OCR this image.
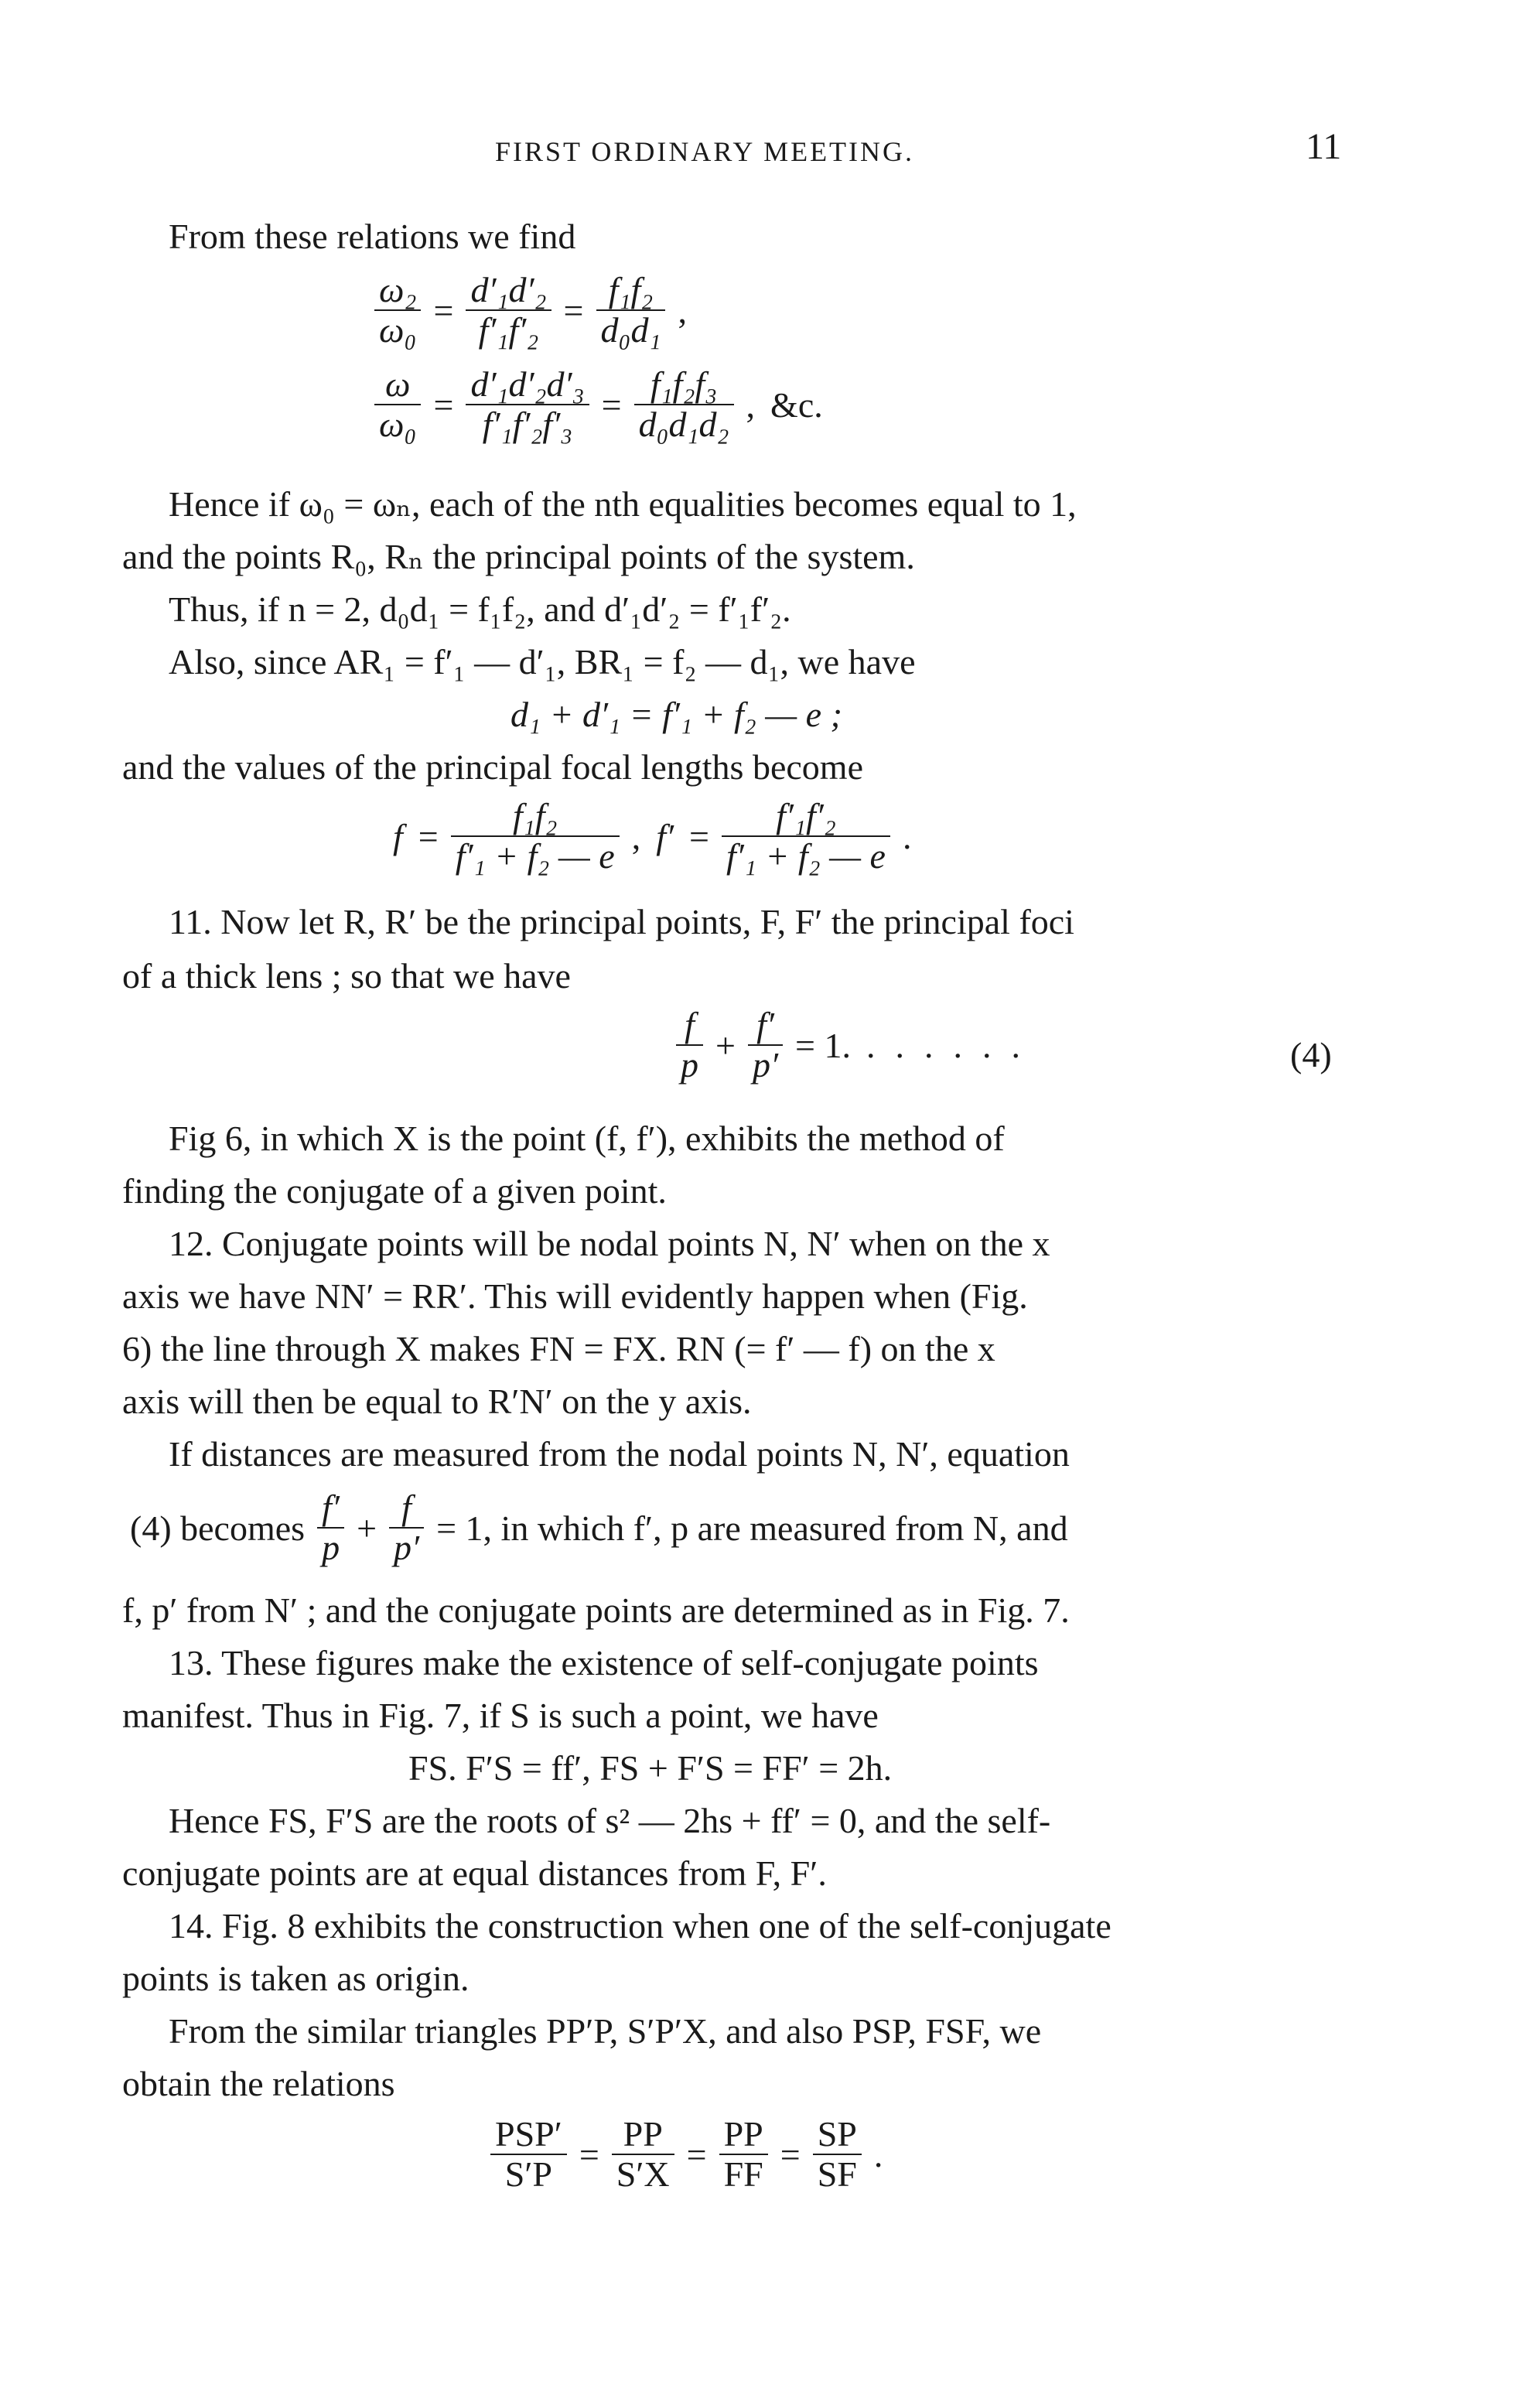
FIRST ORDINARY MEETING.	11
From these relations we find
$\frac{\text{ω₂}}{\text{ω₀}} = \frac{\text{d′₁d′₂}}{\text{f′₁f′₂}} = \frac{\text{f₁f₂}}{\text{d₀d₁}}$ ,
$\frac{\omega}{\text{ω₀}} = \frac{\text{d′₁d′₂d′₃}}{\text{f′₁f′₂f′₃}} = \frac{\text{f₁f₂f₃}}{\text{d₀d₁d₂}}$ , &c.
Hence if ω₀ = ωₙ, each of the nth equalities becomes equal to 1,
and the points R₀, Rₙ the principal points of the system.
Thus, if n = 2, d₀d₁ = f₁f₂, and d′₁d′₂ = f′₁f′₂.
Also, since AR₁ = f′₁ — d′₁, BR₁ = f₂ — d₁, we have
d₁ + d′₁ = f′₁ + f₂ — e ;
and the values of the principal focal lengths become
$f = \frac{\text{f₁f₂}}{\text{f′₁ + f₂ — e}}$ , $f' = \frac{\text{f′₁f′₂}}{\text{f′₁ + f₂ — e}}$ .
11. Now let R, R′ be the principal points, F, F′ the principal foci
of a thick lens ; so that we have
$\frac{f}{p} + \frac{f'}{p'} = 1$. ......	(4)
Fig 6, in which X is the point (f, f′), exhibits the method of
finding the conjugate of a given point.
12. Conjugate points will be nodal points N, N′ when on the x
axis we have NN′ = RR′. This will evidently happen when (Fig.
6) the line through X makes FN = FX. RN (= f′ — f) on the x
axis will then be equal to R′N′ on the y axis.
If distances are measured from the nodal points N, N′, equation
(4) becomes $\frac{f'}{p} + \frac{f}{p'} = 1$, in which f′, p are measured from N, and
f, p′ from N′ ; and the conjugate points are determined as in Fig. 7.
13. These figures make the existence of self-conjugate points
manifest. Thus in Fig. 7, if S is such a point, we have
FS. F′S = ff′, FS + F′S = FF′ = 2h.
Hence FS, F′S are the roots of s² — 2hs + ff′ = 0, and the self-
conjugate points are at equal distances from F, F′.
14. Fig. 8 exhibits the construction when one of the self-conjugate
points is taken as origin.
From the similar triangles PP′P, S′P′X, and also PSP, FSF, we
obtain the relations
$\frac{\text{PSP′}}{S'P} = \frac{PP}{S'X} = \frac{PP}{FF} = \frac{SP}{SF}$ .
